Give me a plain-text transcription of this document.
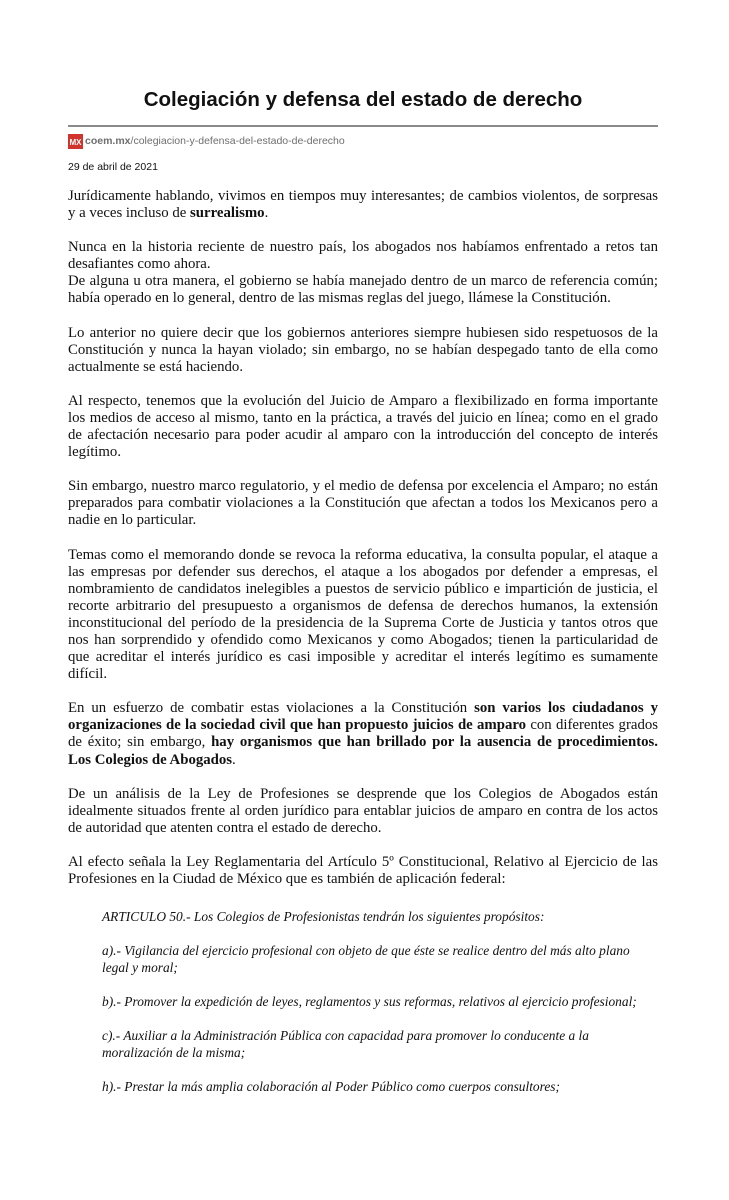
Colegiación y defensa del estado de derecho
MX coem.mx /colegiacion-y-defensa-del-estado-de-derecho
29 de abril de 2021

Jurídicamente hablando, vivimos en tiempos muy interesantes; de cambios violentos, de sorpresas y a veces incluso de surrealismo.

Nunca en la historia reciente de nuestro país, los abogados nos habíamos enfrentado a retos tan desafiantes como ahora.

De alguna u otra manera, el gobierno se había manejado dentro de un marco de referencia común; había operado en lo general, dentro de las mismas reglas del juego, llámese la Constitución.

Lo anterior no quiere decir que los gobiernos anteriores siempre hubiesen sido respetuosos de la Constitución y nunca la hayan violado; sin embargo, no se habían despegado tanto de ella como actualmente se está haciendo.

Al respecto, tenemos que la evolución del Juicio de Amparo a flexibilizado en forma importante los medios de acceso al mismo, tanto en la práctica, a través del juicio en línea; como en el grado de afectación necesario para poder acudir al amparo con la introducción del concepto de interés legítimo.

Sin embargo, nuestro marco regulatorio, y el medio de defensa por excelencia el Amparo; no están preparados para combatir violaciones a la Constitución que afectan a todos los Mexicanos pero a nadie en lo particular.

Temas como el memorando donde se revoca la reforma educativa, la consulta popular, el ataque a las empresas por defender sus derechos, el ataque a los abogados por defender a empresas, el nombramiento de candidatos inelegibles a puestos de servicio público e impartición de justicia, el recorte arbitrario del presupuesto a organismos de defensa de derechos humanos, la extensión inconstitucional del período de la presidencia de la Suprema Corte de Justicia y tantos otros que nos han sorprendido y ofendido como Mexicanos y como Abogados; tienen la particularidad de que acreditar el interés jurídico es casi imposible y acreditar el interés legítimo es sumamente difícil.

En un esfuerzo de combatir estas violaciones a la Constitución son varios los ciudadanos y organizaciones de la sociedad civil que han propuesto juicios de amparo con diferentes grados de éxito; sin embargo, hay organismos que han brillado por la ausencia de procedimientos. Los Colegios de Abogados.

De un análisis de la Ley de Profesiones se desprende que los Colegios de Abogados están idealmente situados frente al orden jurídico para entablar juicios de amparo en contra de los actos de autoridad que atenten contra el estado de derecho.

Al efecto señala la Ley Reglamentaria del Artículo 5º Constitucional, Relativo al Ejercicio de las Profesiones en la Ciudad de México que es también de aplicación federal:

ARTICULO 50.- Los Colegios de Profesionistas tendrán los siguientes propósitos:

a).- Vigilancia del ejercicio profesional con objeto de que éste se realice dentro del más alto plano legal y moral;

b).- Promover la expedición de leyes, reglamentos y sus reformas, relativos al ejercicio profesional;

c).- Auxiliar a la Administración Pública con capacidad para promover lo conducente a la moralización de la misma;

h).- Prestar la más amplia colaboración al Poder Público como cuerpos consultores;
